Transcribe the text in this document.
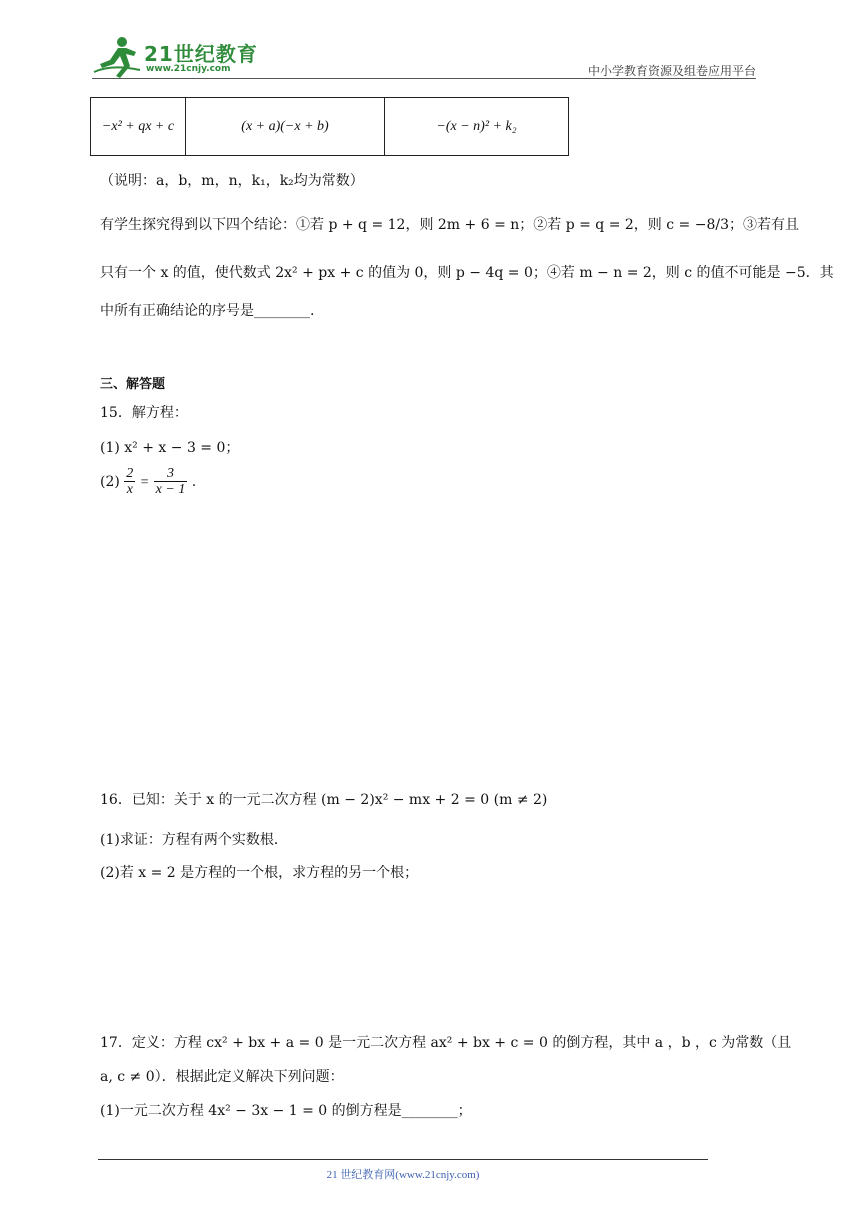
21世纪教育
www.21cnjy.com	中小学教育资源及组卷应用平台
−x² + qx + c	(x + a)(−x + b)	−(x − n)² + k₂
（说明：a，b，m，n，k₁，k₂均为常数）
有学生探究得到以下四个结论：①若 p + q = 12，则 2m + 6 = n；②若 p = q = 2，则 c = −8/3；③若有且
只有一个 x 的值，使代数式 2x² + px + c 的值为 0，则 p − 4q = 0；④若 m − n = 2，则 c 的值不可能是 −5．其
中所有正确结论的序号是________.
三、解答题
15．解方程：
(1) x² + x − 3 = 0；
$(2) \frac{2}{x} = \frac{3}{x - 1}$ .
16．已知：关于 x 的一元二次方程 (m − 2)x² − mx + 2 = 0 (m ≠ 2)
(1)求证：方程有两个实数根．
(2)若 x = 2 是方程的一个根，求方程的另一个根；
17．定义：方程 cx² + bx + a = 0 是一元二次方程 ax² + bx + c = 0 的倒方程，其中 a ，b ，c 为常数（且
a, c ≠ 0）．根据此定义解决下列问题：
(1)一元二次方程 4x² − 3x − 1 = 0 的倒方程是________；
21 世纪教育网(www.21cnjy.com)
